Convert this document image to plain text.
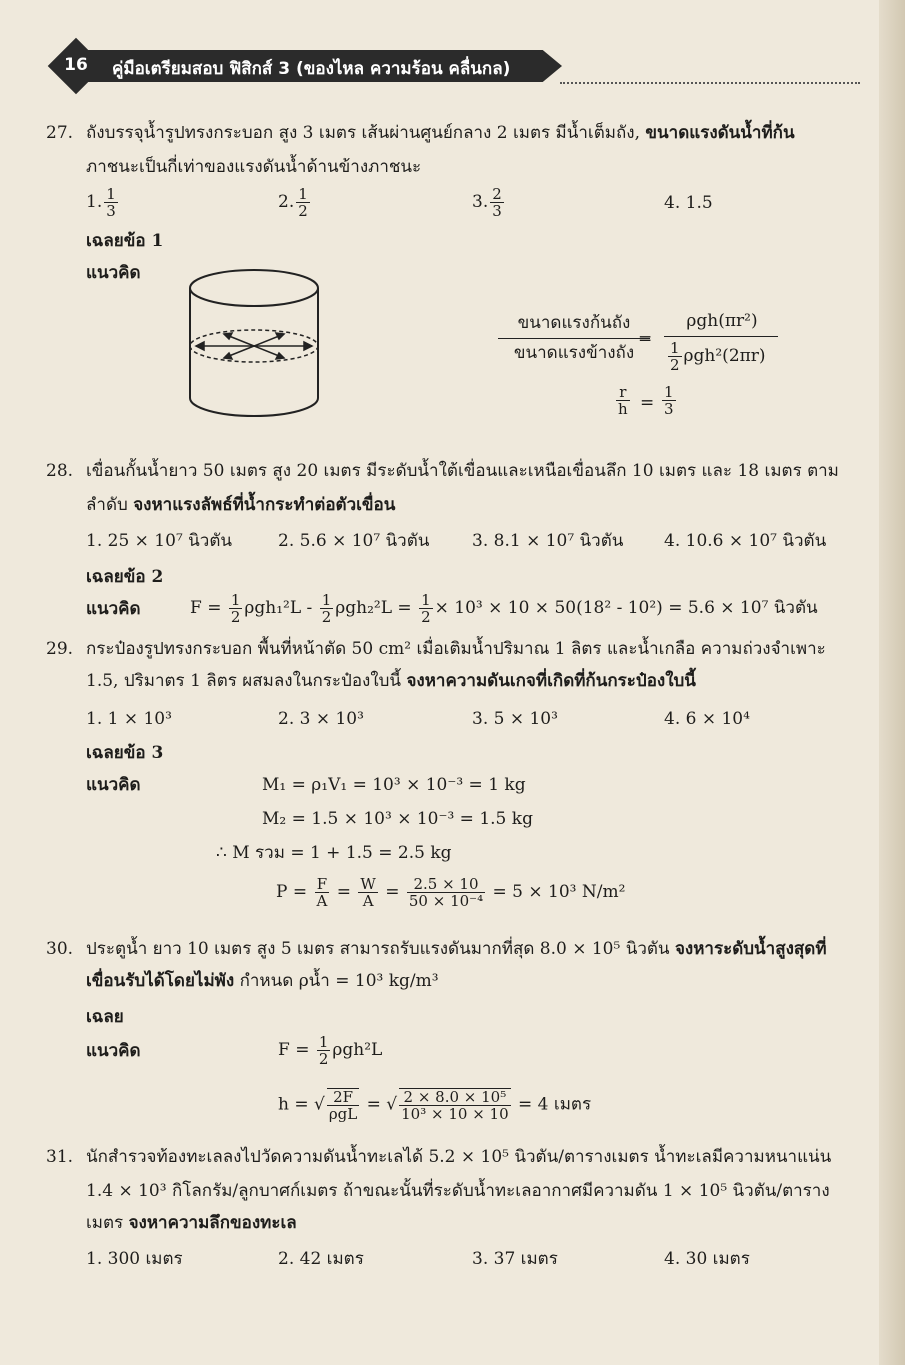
16 คู่มือเตรียมสอบ ฟิสิกส์ 3 (ของไหล ความร้อน คลื่นกล)
27. ถังบรรจุน้ำรูปทรงกระบอก สูง 3 เมตร เส้นผ่านศูนย์กลาง 2 เมตร มีน้ำเต็มถัง, ขนาดแรงดันน้ำที่ก้น
ภาชนะเป็นกี่เท่าของแรงดันน้ำด้านข้างภาชนะ
1. $\frac{1}{3}$	2. $\frac{1}{2}$	3. $\frac{2}{3}$	4. 1.5
เฉลยข้อ 1
แนวคิด
ขนาดแรงก้นถัง
ขนาดแรงข้างถัง
=
ρgh(πr²)
$\frac{1}{2} \rho gh^2(2\pi r)$
$\frac{r}{h} = \frac{1}{3}$
28. เขื่อนกั้นน้ำยาว 50 เมตร สูง 20 เมตร มีระดับน้ำใต้เขื่อนและเหนือเขื่อนลึก 10 เมตร และ 18 เมตร ตาม
ลำดับ จงหาแรงลัพธ์ที่น้ำกระทำต่อตัวเขื่อน
1. 25 × 10⁷ นิวตัน	2. 5.6 × 10⁷ นิวตัน	3. 8.1 × 10⁷ นิวตัน 4. 10.6 × 10⁷ นิวตัน
เฉลยข้อ 2
แนวคิด	$F = \frac{1}{2} \rho gh_1^2L - \frac{1}{2} \rho gh_2^2L = \frac{1}{2} \times 10^3 \times 10 \times 50(18^2 - 10^2) = 5.6 \times 10^7$ นิวตัน
29. กระป๋องรูปทรงกระบอก พื้นที่หน้าตัด 50 cm² เมื่อเติมน้ำปริมาณ 1 ลิตร และน้ำเกลือ ความถ่วงจำเพาะ
1.5, ปริมาตร 1 ลิตร ผสมลงในกระป๋องใบนี้ จงหาความดันเกจที่เกิดที่ก้นกระป๋องใบนี้
1. 1 × 10³	2. 3 × 10³	3. 5 × 10³	4. 6 × 10⁴
เฉลยข้อ 3
แนวคิด	M₁ = ρ₁V₁ = 10³ × 10⁻³ = 1 kg
M₂ = 1.5 × 10³ × 10⁻³ = 1.5 kg
∴ M รวม = 1 + 1.5 = 2.5 kg
$P = \frac{F}{A} = \frac{W}{A} = \frac{2.5 \times 10}{\text{50 × 10⁻⁴}} = 5 \times 10^3$ N/m²
30. ประตูน้ำ ยาว 10 เมตร สูง 5 เมตร สามารถรับแรงดันมากที่สุด 8.0 × 10⁵ นิวตัน จงหาระดับน้ำสูงสุดที่
เขื่อนรับได้โดยไม่พัง กำหนด ρน้ำ = 10³ kg/m³
เฉลย
แนวคิด	$F = \frac{1}{2} \rho gh^2L$
h = √ 2F
ρgL = √ $\frac{\text{2 × 8.0 × 10⁵}}{\text{10³ × 10 × 10}} = 4$ เมตร
31. นักสำรวจท้องทะเลลงไปวัดความดันน้ำทะเลได้ 5.2 × 10⁵ นิวตัน/ตารางเมตร น้ำทะเลมีความหนาแน่น
1.4 × 10³ กิโลกรัม/ลูกบาศก์เมตร ถ้าขณะนั้นที่ระดับน้ำทะเลอากาศมีความดัน 1 × 10⁵ นิวตัน/ตาราง
เมตร จงหาความลึกของทะเล
1. 300 เมตร	2. 42 เมตร	3. 37 เมตร	4. 30 เมตร
